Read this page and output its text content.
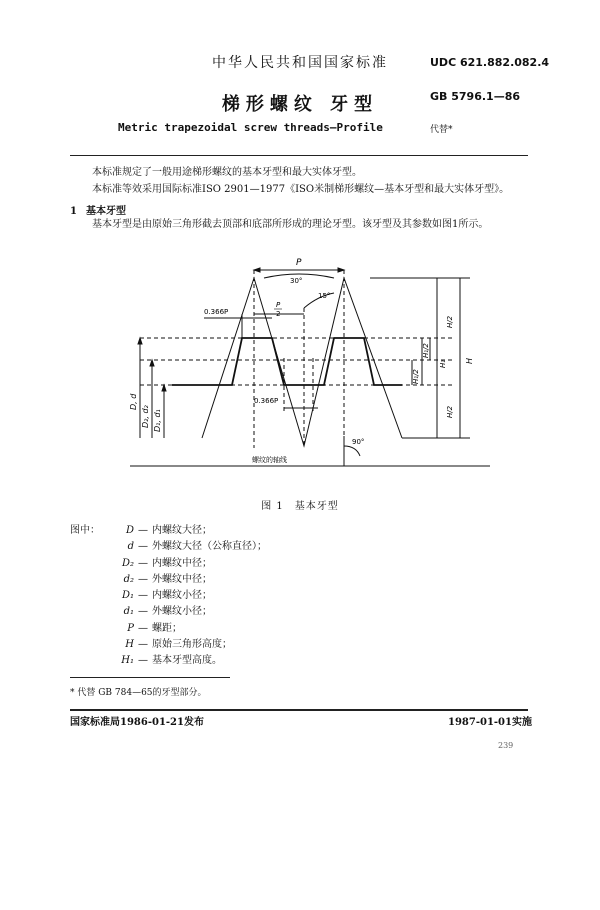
中华人民共和国国家标准
梯形螺纹 牙型
Metric trapezoidal screw threads—Profile
UDC 621.882.082.4
GB 5796.1—86
代替*
本标准规定了一般用途梯形螺纹的基本牙型和最大实体牙型。
本标准等效采用国际标准ISO 2901—1977《ISO米制梯形螺纹—基本牙型和最大实体牙型》。
1 基本牙型
基本牙型是由原始三角形截去顶部和底部所形成的理论牙型。该牙型及其参数如图1所示。
P
30°
15°
P
2
0.366P
0.366P
D, d
D₂, d₂ D₁, d₁
H/2
H₁/2
H₁
H₁/2
H
H/2
90°
螺纹的轴线
图 1　基本牙型
图中：	D — 内螺纹大径；
d — 外螺纹大径（公称直径）；
D₂ — 内螺纹中径；
d₂ — 外螺纹中径；
D₁ — 内螺纹小径；
d₁ — 外螺纹小径；
P — 螺距；
H — 原始三角形高度；
H₁ — 基本牙型高度。
* 代替 GB 784—65的牙型部分。
国家标准局1986-01-21发布	1987-01-01实施
239
